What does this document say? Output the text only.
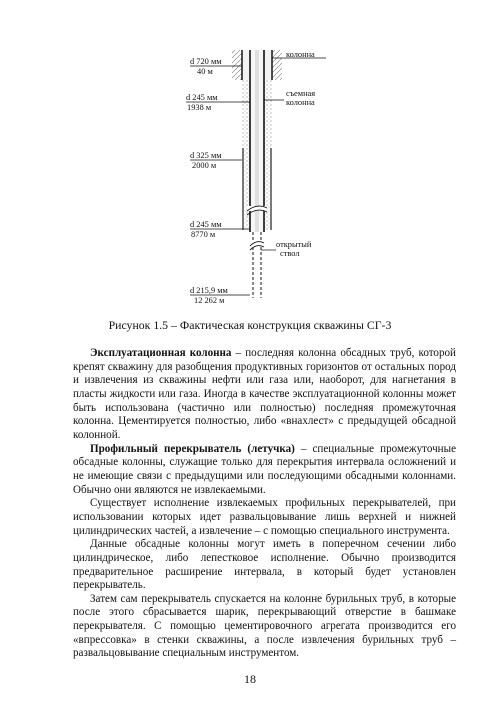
d 720 мм
40 м
колонна
съемная
колонна
d 245 мм
1938 м
d 325 мм
2000 м
d 245 мм
8770 м
открытый
ствол
d 215,9 мм
12 262 м
Рисунок 1.5 – Фактическая конструкция скважины СГ-3

Эксплуатационная колонна – последняя колонна обсадных труб, которой крепят скважину для разобщения продуктивных горизонтов от остальных пород и извлечения из скважины нефти или газа или, наоборот, для нагнетания в пласты жидкости или газа. Иногда в качестве эксплуатационной колонны может быть использована (частично или полностью) последняя промежуточная колонна. Цементируется полностью, либо «внахлест» с предыдущей обсадной колонной.

Профильный перекрыватель (летучка) – специальные промежуточные обсадные колонны, служащие только для перекрытия интервала осложнений и не имеющие связи с предыдущими или последующими обсадными колоннами. Обычно они являются не извлекаемыми.

Существует исполнение извлекаемых профильных перекрывателей, при использовании которых идет развальцовывание лишь верхней и нижней цилиндрических частей, а извлечение – с помощью специального инструмента.

Данные обсадные колонны могут иметь в поперечном сечении либо цилиндрическое, либо лепестковое исполнение. Обычно производится предварительное расширение интервала, в который будет установлен перекрыватель.

Затем сам перекрыватель спускается на колонне бурильных труб, в которые после этого сбрасывается шарик, перекрывающий отверстие в башмаке перекрывателя. С помощью цементировочного агрегата производится его «впрессовка» в стенки скважины, а после извлечения бурильных труб – развальцовывание специальным инструментом.

18
